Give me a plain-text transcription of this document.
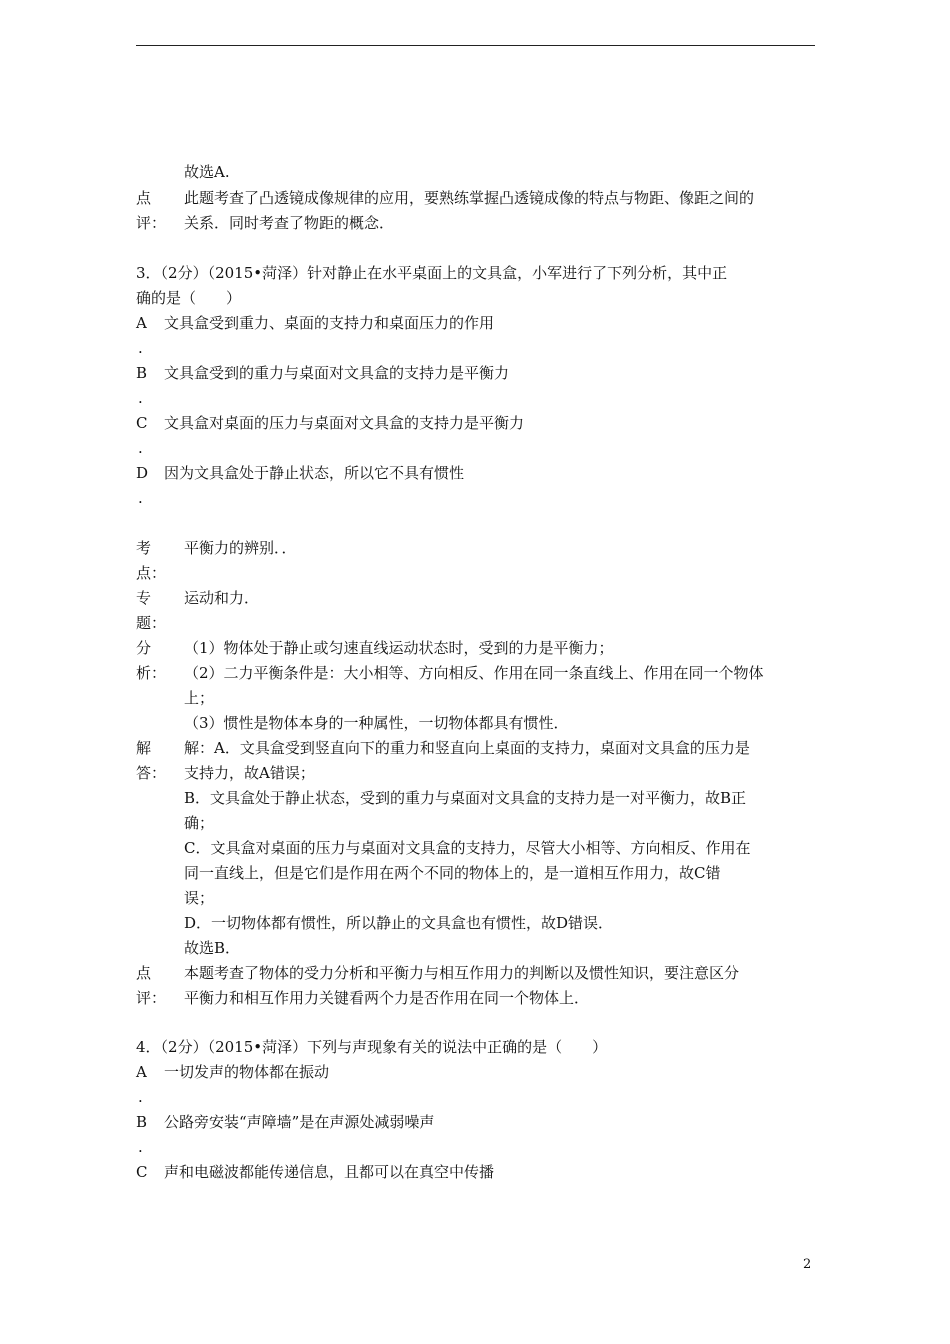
故选A.
点 此题考查了凸透镜成像规律的应用，要熟练掌握凸透镜成像的特点与物距、像距之间的
评： 关系．同时考查了物距的概念．
3．（2分）（2015•菏泽）针对静止在水平桌面上的文具盒，小军进行了下列分析，其中正
确的是（　　）
A 文具盒受到重力、桌面的支持力和桌面压力的作用
.
B 文具盒受到的重力与桌面对文具盒的支持力是平衡力
.
C 文具盒对桌面的压力与桌面对文具盒的支持力是平衡力
.
D 因为文具盒处于静止状态，所以它不具有惯性
.
考 平衡力的辨别．．
点：
专 运动和力．
题：
分 （1）物体处于静止或匀速直线运动状态时，受到的力是平衡力；
析： （2）二力平衡条件是：大小相等、方向相反、作用在同一条直线上、作用在同一个物体
上；
（3）惯性是物体本身的一种属性，一切物体都具有惯性．
解 解：A．文具盒受到竖直向下的重力和竖直向上桌面的支持力，桌面对文具盒的压力是
答： 支持力，故A错误；
B．文具盒处于静止状态，受到的重力与桌面对文具盒的支持力是一对平衡力，故B正
确；
C．文具盒对桌面的压力与桌面对文具盒的支持力，尽管大小相等、方向相反、作用在
同一直线上，但是它们是作用在两个不同的物体上的，是一道相互作用力，故C错
误；
D．一切物体都有惯性，所以静止的文具盒也有惯性，故D错误．
故选B．
点 本题考查了物体的受力分析和平衡力与相互作用力的判断以及惯性知识，要注意区分
评： 平衡力和相互作用力关键看两个力是否作用在同一个物体上．
4．（2分）（2015•菏泽）下列与声现象有关的说法中正确的是（　　）
A 一切发声的物体都在振动
.
B 公路旁安装“声障墙”是在声源处减弱噪声
.
C 声和电磁波都能传递信息，且都可以在真空中传播
2
